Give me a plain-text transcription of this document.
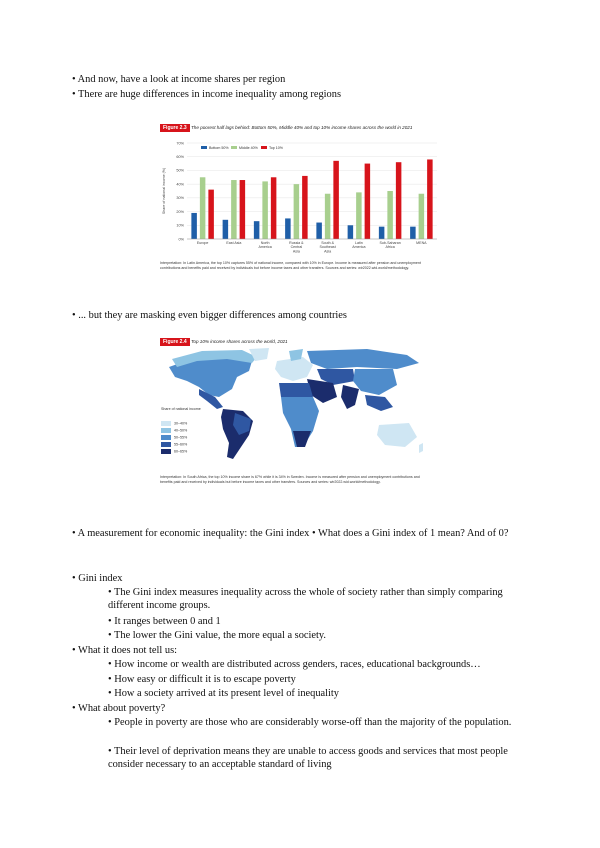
• And now, have a look at income shares per region
• There are huge differences in income inequality among regions
Figure 2.3 The poorest half lags behind: Bottom 50%, Middle 40% and top 10% income shares across the world in 2021
0%
10%
20%
30%
40%
50%
60%
70%
Share of national income (%)
Bottom 50%	Middle 40%	Top 10%
Europe	East Asia	North America
Russia & Central Asia
South & Southeast Asia
Latin America
Sub-Saharan Africa
MENA
Interpretation: In Latin America, the top 10% captures 55% of national income, compared with 10% in Europe. Income is measured after pension and unemployment contributions and benefits paid and received by individuals but before income taxes and other transfers. Sources and series: wir2022.wid.world/methodology.
• ... but they are masking even bigger differences among countries
Figure 2.4 Top 10% income shares across the world, 2021
Share of national income
30–40%
40–50%
50–55%
55–60%
60–65%
Interpretation: In South Africa, the top 10% income share is 67% while it is 34% in Sweden. Income is measured after pension and unemployment contributions and benefits paid and received by individuals but before income taxes and other transfers. Sources and series: wir2022.wid.world/methodology.
• A measurement for economic inequality: the Gini index • What does a Gini index of 1 mean? And of 0?
• Gini index
• The Gini index measures inequality across the whole of society rather than simply comparing different income groups.
• It ranges between 0 and 1
• The lower the Gini value, the more equal a society.
• What it does not tell us:
• How income or wealth are distributed across genders, races, educational backgrounds…
• How easy or difficult it is to escape poverty
• How a society arrived at its present level of inequality
• What about poverty?
• People in poverty are those who are considerably worse-off than the majority of the population.
• Their level of deprivation means they are unable to access goods and services that most people consider necessary to an acceptable standard of living
